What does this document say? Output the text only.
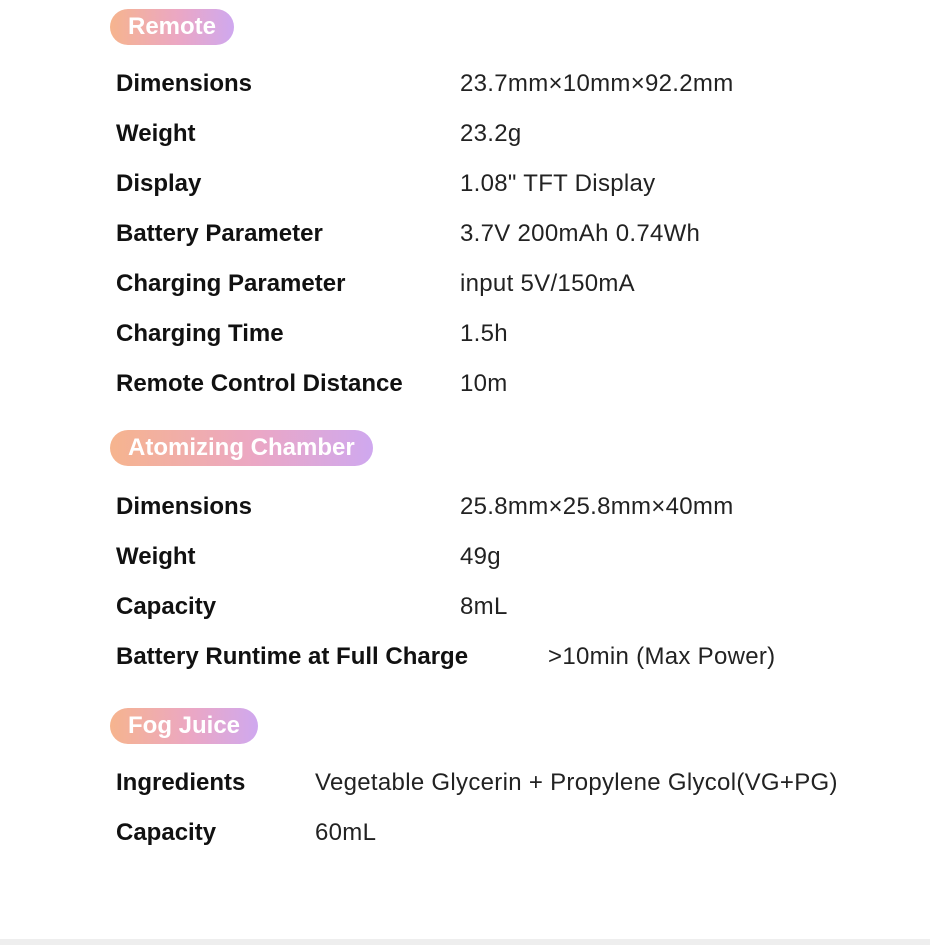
Remote
Dimensions	23.7mm×10mm×92.2mm
Weight	23.2g
Display	1.08" TFT Display
Battery Parameter	3.7V 200mAh 0.74Wh
Charging Parameter	input 5V/150mA
Charging Time	1.5h
Remote Control Distance 10m
Atomizing Chamber
Dimensions	25.8mm×25.8mm×40mm
Weight	49g
Capacity	8mL
Battery Runtime at Full Charge	>10min (Max Power)
Fog Juice
Ingredients	Vegetable Glycerin + Propylene Glycol(VG+PG)
Capacity	60mL
